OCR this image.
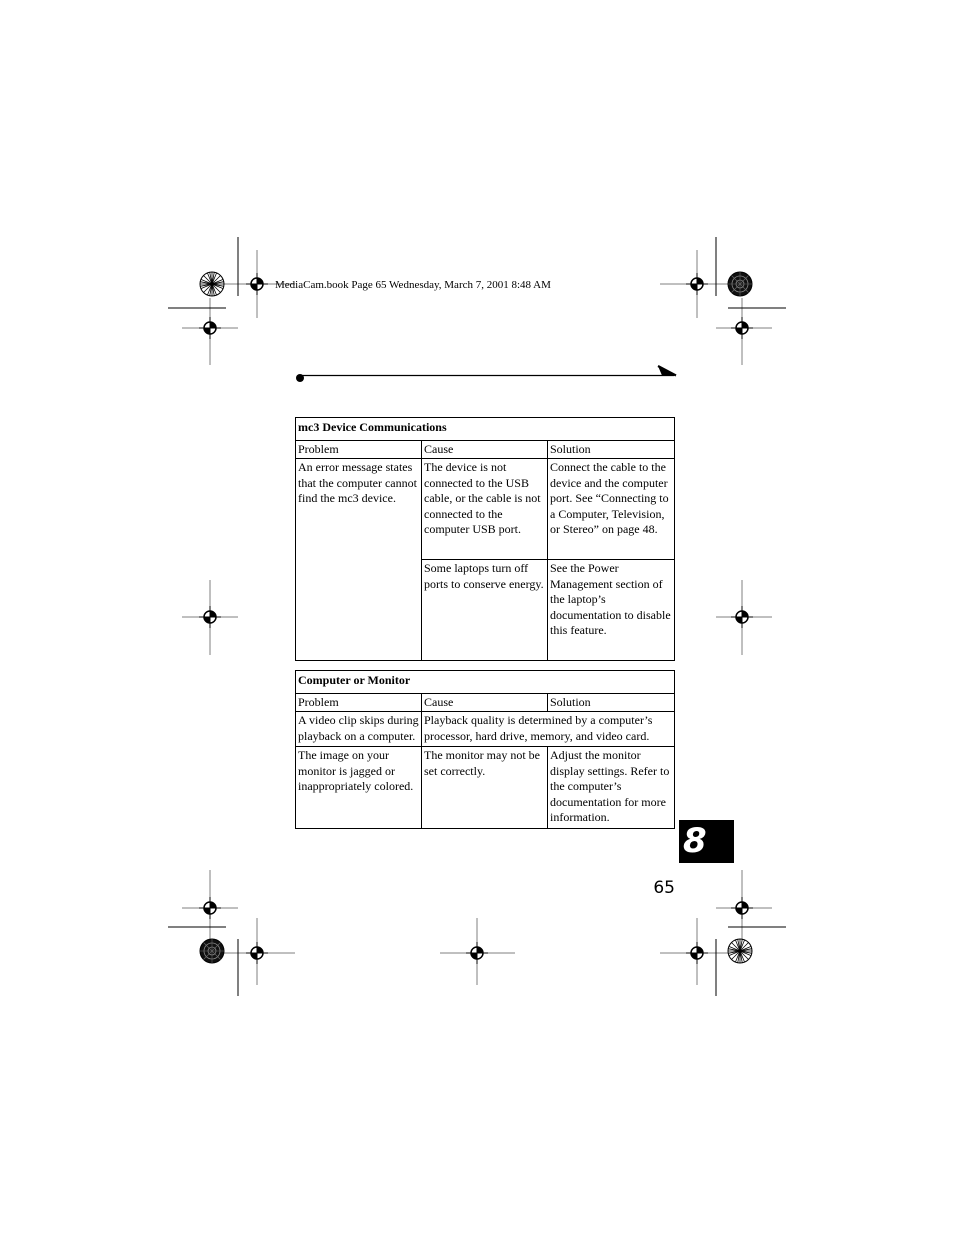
MediaCam.book Page 65 Wednesday, March 7, 2001 8:48 AM
mc3 Device Communications		
Problem	Cause	Solution
An error message states that the computer cannot find the mc3 device.	The device is not connected to the USB cable, or the cable is not connected to the computer USB port.	Connect the cable to the device and the computer port. See “Connecting to a Computer, Television, or Stereo” on page 48.
	Some laptops turn off ports to conserve energy.	See the Power Management section of the laptop’s documentation to disable this feature.
Computer or Monitor		
Problem	Cause	Solution
A video clip skips during playback on a computer.	Playback quality is determined by a computer’s processor, hard drive, memory, and video card.	
The image on your monitor is jagged or inappropriately colored.	The monitor may not be set correctly.	Adjust the monitor display settings. Refer to the computer’s documentation for more information.
8
65
